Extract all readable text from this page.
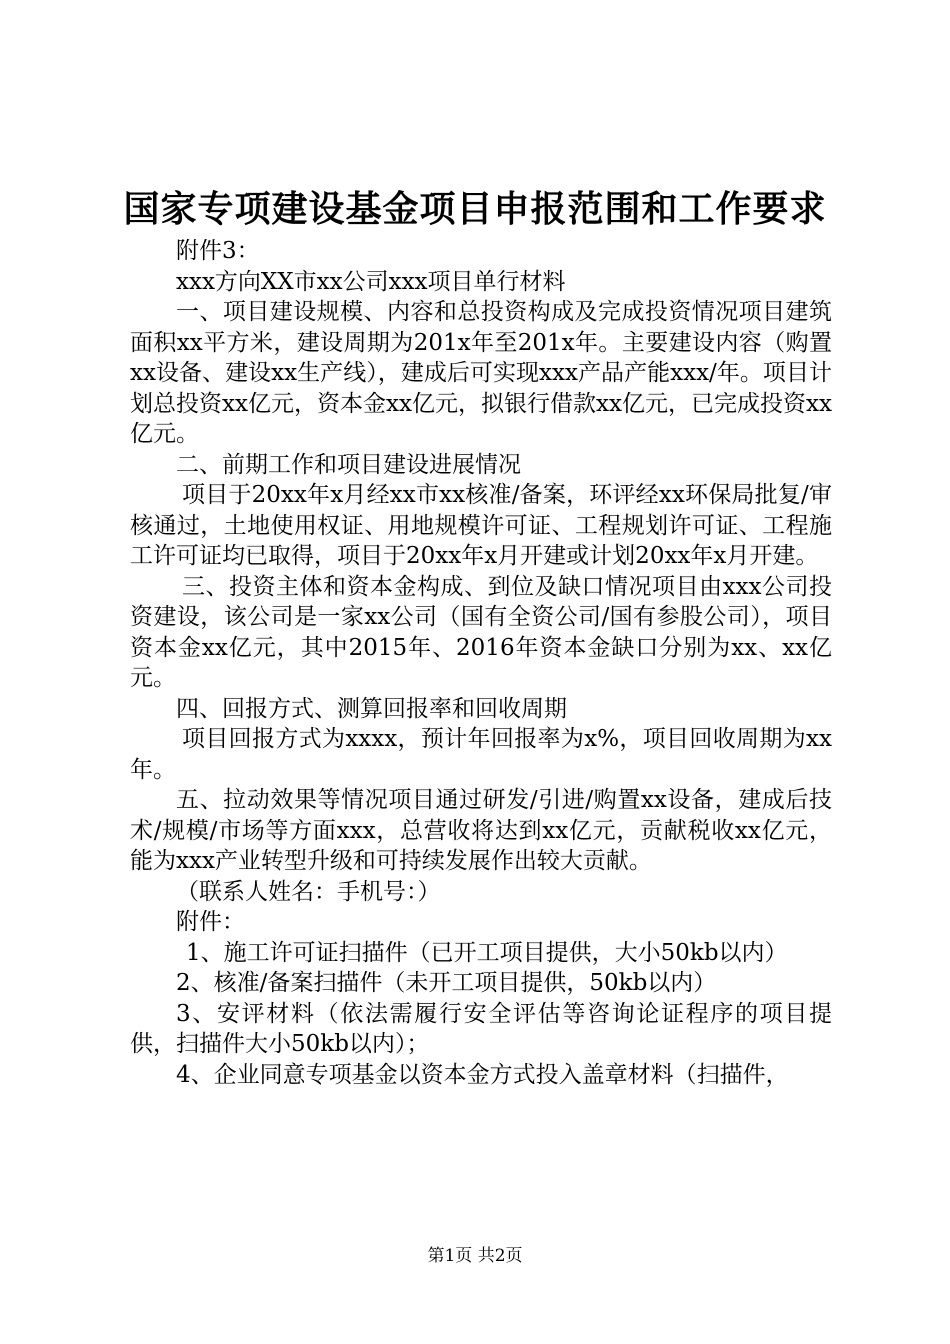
国家专项建设基金项目申报范围和工作要求

附件3：

xxx方向XX市xx公司xxx项目单行材料

一、项目建设规模、内容和总投资构成及完成投资情况项目建筑面积xx平方米，建设周期为201x年至201x年。主要建设内容（购置xx设备、建设xx生产线），建成后可实现xxx产品产能xxx/年。项目计划总投资xx亿元，资本金xx亿元，拟银行借款xx亿元，已完成投资xx亿元。

二、前期工作和项目建设进展情况

项目于20xx年x月经xx市xx核准/备案，环评经xx环保局批复/审核通过，土地使用权证、用地规模许可证、工程规划许可证、工程施工许可证均已取得，项目于20xx年x月开建或计划20xx年x月开建。

三、投资主体和资本金构成、到位及缺口情况项目由xxx公司投资建设，该公司是一家xx公司（国有全资公司/国有参股公司），项目资本金xx亿元，其中2015年、2016年资本金缺口分别为xx、xx亿元。

四、回报方式、测算回报率和回收周期

项目回报方式为xxxx，预计年回报率为x%，项目回收周期为xx年。

五、拉动效果等情况项目通过研发/引进/购置xx设备，建成后技术/规模/市场等方面xxx，总营收将达到xx亿元，贡献税收xx亿元，能为xxx产业转型升级和可持续发展作出较大贡献。

（联系人姓名：手机号：）

附件：

1、施工许可证扫描件（已开工项目提供，大小50kb以内）

2、核准/备案扫描件（未开工项目提供，50kb以内）

3、安评材料（依法需履行安全评估等咨询论证程序的项目提供，扫描件大小50kb以内）；

4、企业同意专项基金以资本金方式投入盖章材料（扫描件，

第1页 共2页
